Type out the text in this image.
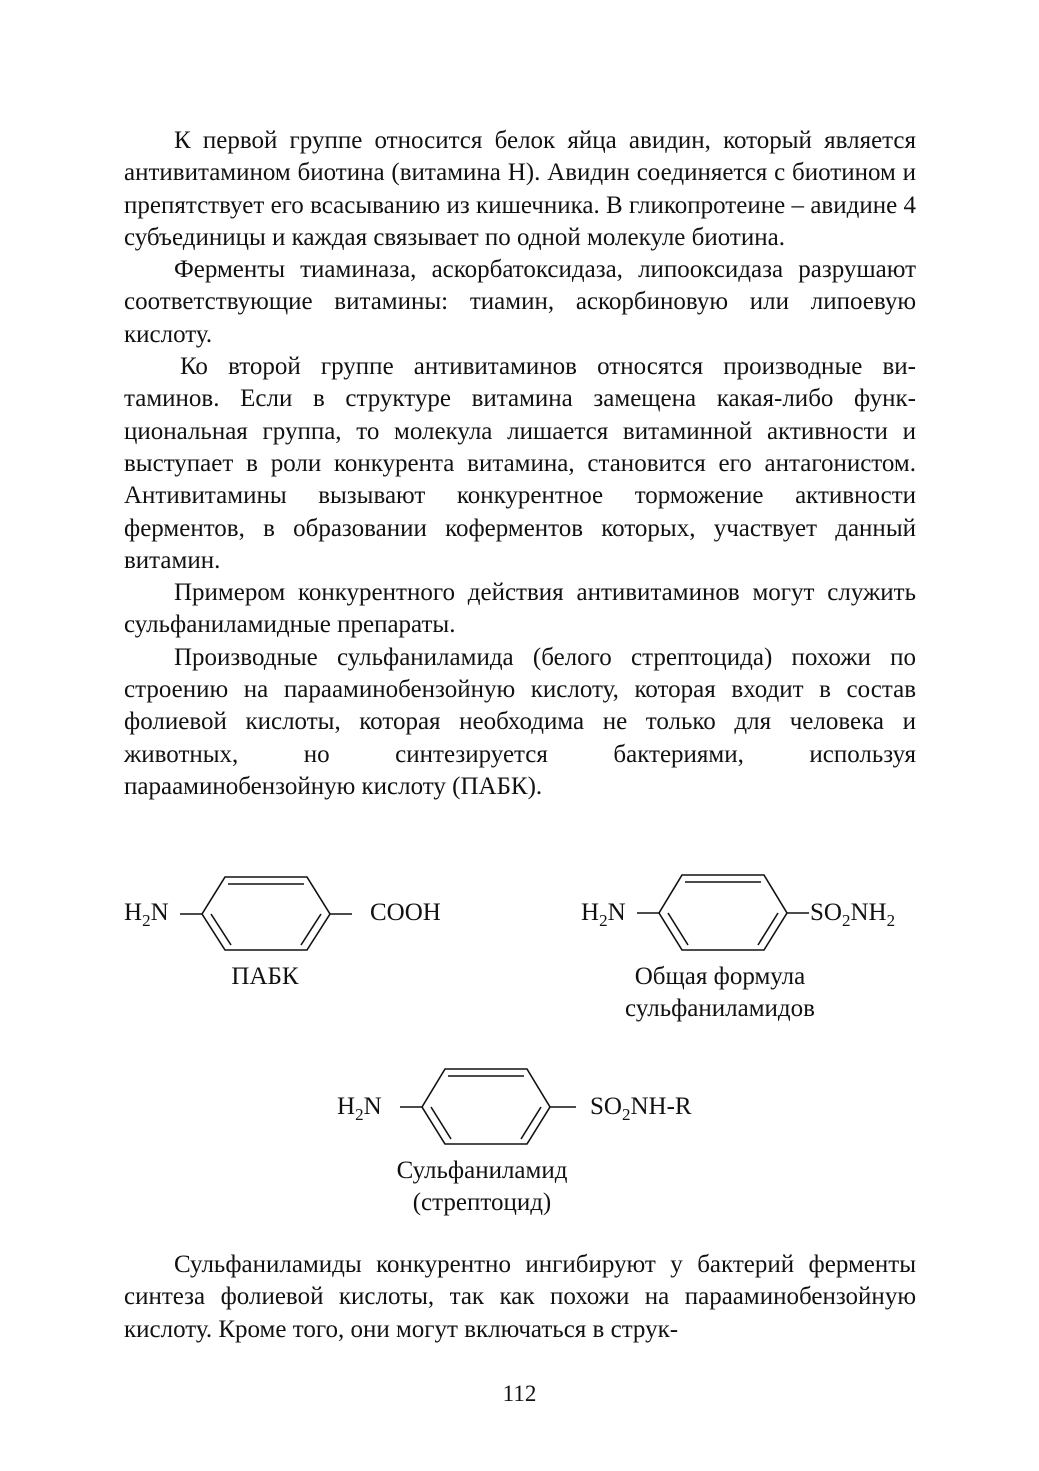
К первой группе относится белок яйца авидин, который является антивитамином биотина (витамина Н). Авидин соединяется с биотином и препятствует его всасыванию из кишечника. В гликопротеине – авидине 4 субъединицы и каждая связывает по одной молекуле биотина.

Ферменты тиаминаза, аскорбатоксидаза, липооксидаза разрушают соответствующие витамины: тиамин, аскорбиновую или липоевую кислоту.

Ко второй группе антивитаминов относятся производные витаминов. Если в структуре витамина замещена какая-либо функциональная группа, то молекула лишается витаминной активности и выступает в роли конкурента витамина, становится его антагонистом. Антивитамины вызывают конкурентное торможение активности ферментов, в образовании коферментов которых, участвует данный витамин.

Примером конкурентного действия антивитаминов могут служить сульфаниламидные препараты.

Производные сульфаниламида (белого стрептоцида) похожи по строению на парааминобензойную кислоту, которая входит в состав фолиевой кислоты, которая необходима не только для человека и животных, но синтезируется бактериями, используя парааминобензойную кислоту (ПАБК).

$H_2N$	COOH
ПАБК
$H_2N$	$SO_2NH_2$
Общая формула
сульфаниламидов
$H_2N$	$SO_2NH-R$
Сульфаниламид
(стрептоцид)

Сульфаниламиды конкурентно ингибируют у бактерий ферменты синтеза фолиевой кислоты, так как похожи на парааминобензойную кислоту. Кроме того, они могут включаться в струк-

112
